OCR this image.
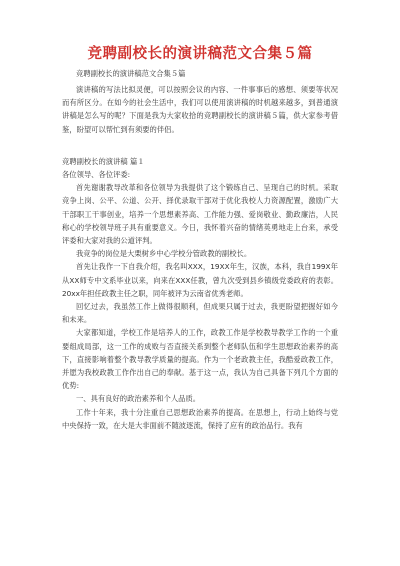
竞聘副校长的演讲稿范文合集５篇

竞聘副校长的演讲稿范文合集５篇

演讲稿的写法比拟灵便，可以按照会议的内容、一件事事后的感想、须要等状况而有所区分。在如今的社会生活中，我们可以使用演讲稿的时机越来越多，到普通演讲稿是怎么写的呢？下面是我为大家收拾的竞聘副校长的演讲稿５篇，供大家参考借鉴，盼望可以帮忙到有须要的伴侣。

竞聘副校长的演讲稿 篇１

各位领导、各位评委:

首先谢谢教导改革和各位领导为我提供了这个锻练自己、呈现自己的时机。采取竞争上岗、公平、公道、公开、择优录取干部对于优化我校人力资源配置，激励广大干部职工干事创业，培养一个思想素养高、工作能力强、爱岗敬业、勤政廉洁，人民称心的学校领导班子具有重要意义。今日，我怀着兴奋的情绪英勇地走上台来，承受评委和大家对我的公道评判。

我竞争的岗位是大栗树乡中心学校分管政教的副校长。

首先让我作一下自我介绍，我名叫XXX，19XX年生，汉族，本科，我自199X年从XX师专中文系毕业以来，向来在XXX任教，曾九次受到县乡镇级党委政府的表彰。20xx年担任政教主任之职，同年被评为云南省优秀老师。

回忆过去，我虽然工作上做得很顺利，但成果只属于过去，我更盼望把握好如今和未来。

大家都知道，学校工作是培养人的工作，政教工作是学校教导教学工作的一个重要组成局部，这一工作的成败与否直接关系到整个老师队伍和学生思想政治素养的高下，直接影响着整个教导教学质量的提高。作为一个老政教主任，我酷爱政教工作，并愿为我校政教工作作出自己的奉献。基于这一点，我认为自己具备下列几个方面的优势:

一、具有良好的政治素养和个人品质。

工作十年来，我十分注重自己思想政治素养的提高。在思想上，行动上始终与党中央保持一致，在大是大非面前不随波逐流，保持了应有的政治品行。我有
